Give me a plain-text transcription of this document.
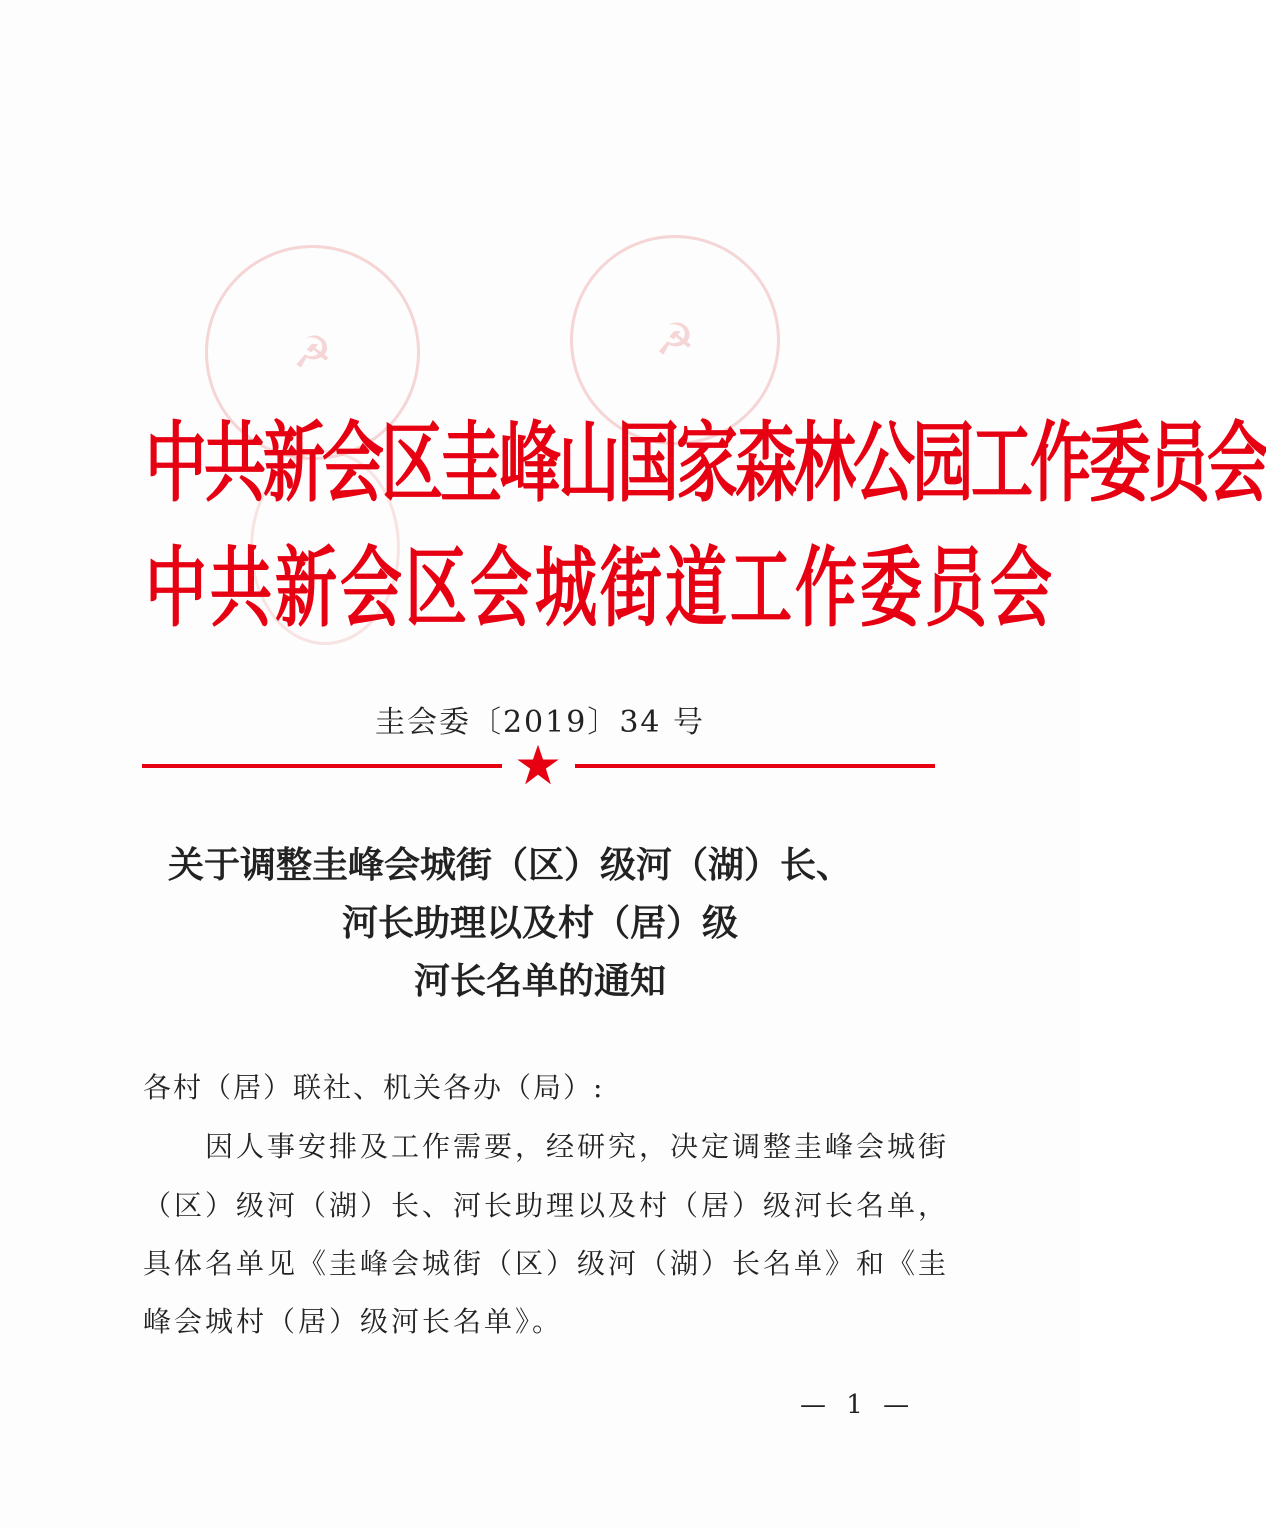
☭	☭
中共新会区圭峰山国家森林公园工作委员会
中共新会区会城街道工作委员会
圭会委〔2019〕34 号
关于调整圭峰会城街（区）级河（湖）长、
河长助理以及村（居）级
河长名单的通知
各村（居）联社、机关各办（局）:
因人事安排及工作需要，经研究，决定调整圭峰会城街
（区）级河（湖）长、河长助理以及村（居）级河长名单，
具体名单见《圭峰会城街（区）级河（湖）长名单》和《圭
峰会城村（居）级河长名单》。
— 1 —
